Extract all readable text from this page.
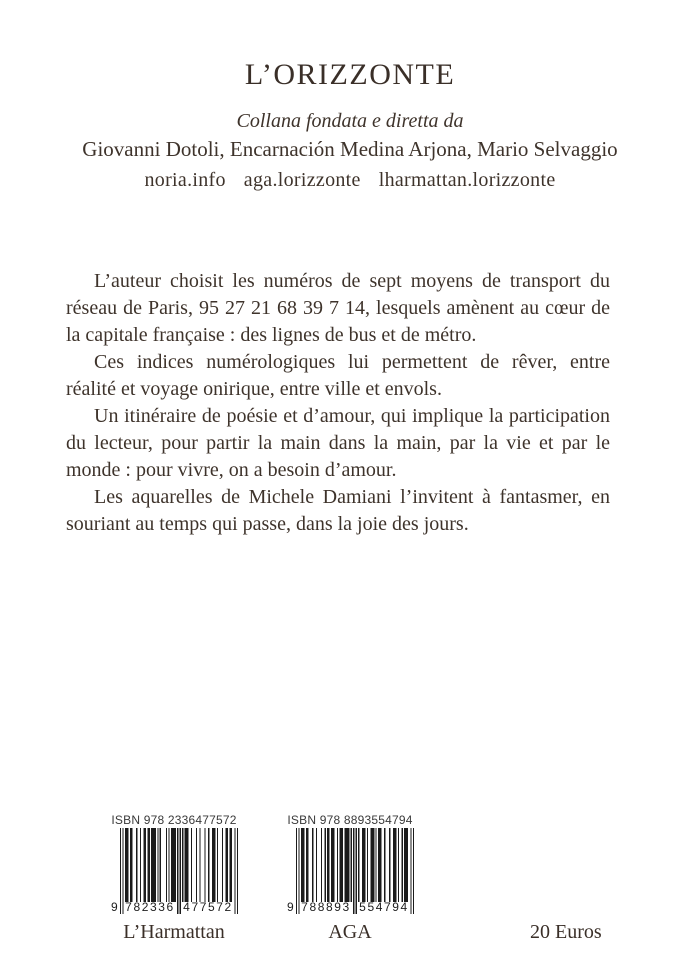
L’ORIZZONTE
Collana fondata e diretta da
Giovanni Dotoli, Encarnación Medina Arjona, Mario Selvaggio
noria.info aga.lorizzonte lharmattan.lorizzonte

L’auteur choisit les numéros de sept moyens de transport du réseau de Paris, 95 27 21 68 39 7 14, lesquels amènent au cœur de la capitale française : des lignes de bus et de métro.

Ces indices numérologiques lui permettent de rêver, entre réalité et voyage onirique, entre ville et envols.

Un itinéraire de poésie et d’amour, qui implique la participation du lecteur, pour partir la main dans la main, par la vie et par le monde : pour vivre, on a besoin d’amour.

Les aquarelles de Michele Damiani l’invitent à fantasmer, en souriant au temps qui passe, dans la joie des jours.

ISBN 978 2336477572
9 782336 477572
L’Harmattan
ISBN 978 8893554794
9 788893 554794
AGA	20 Euros
